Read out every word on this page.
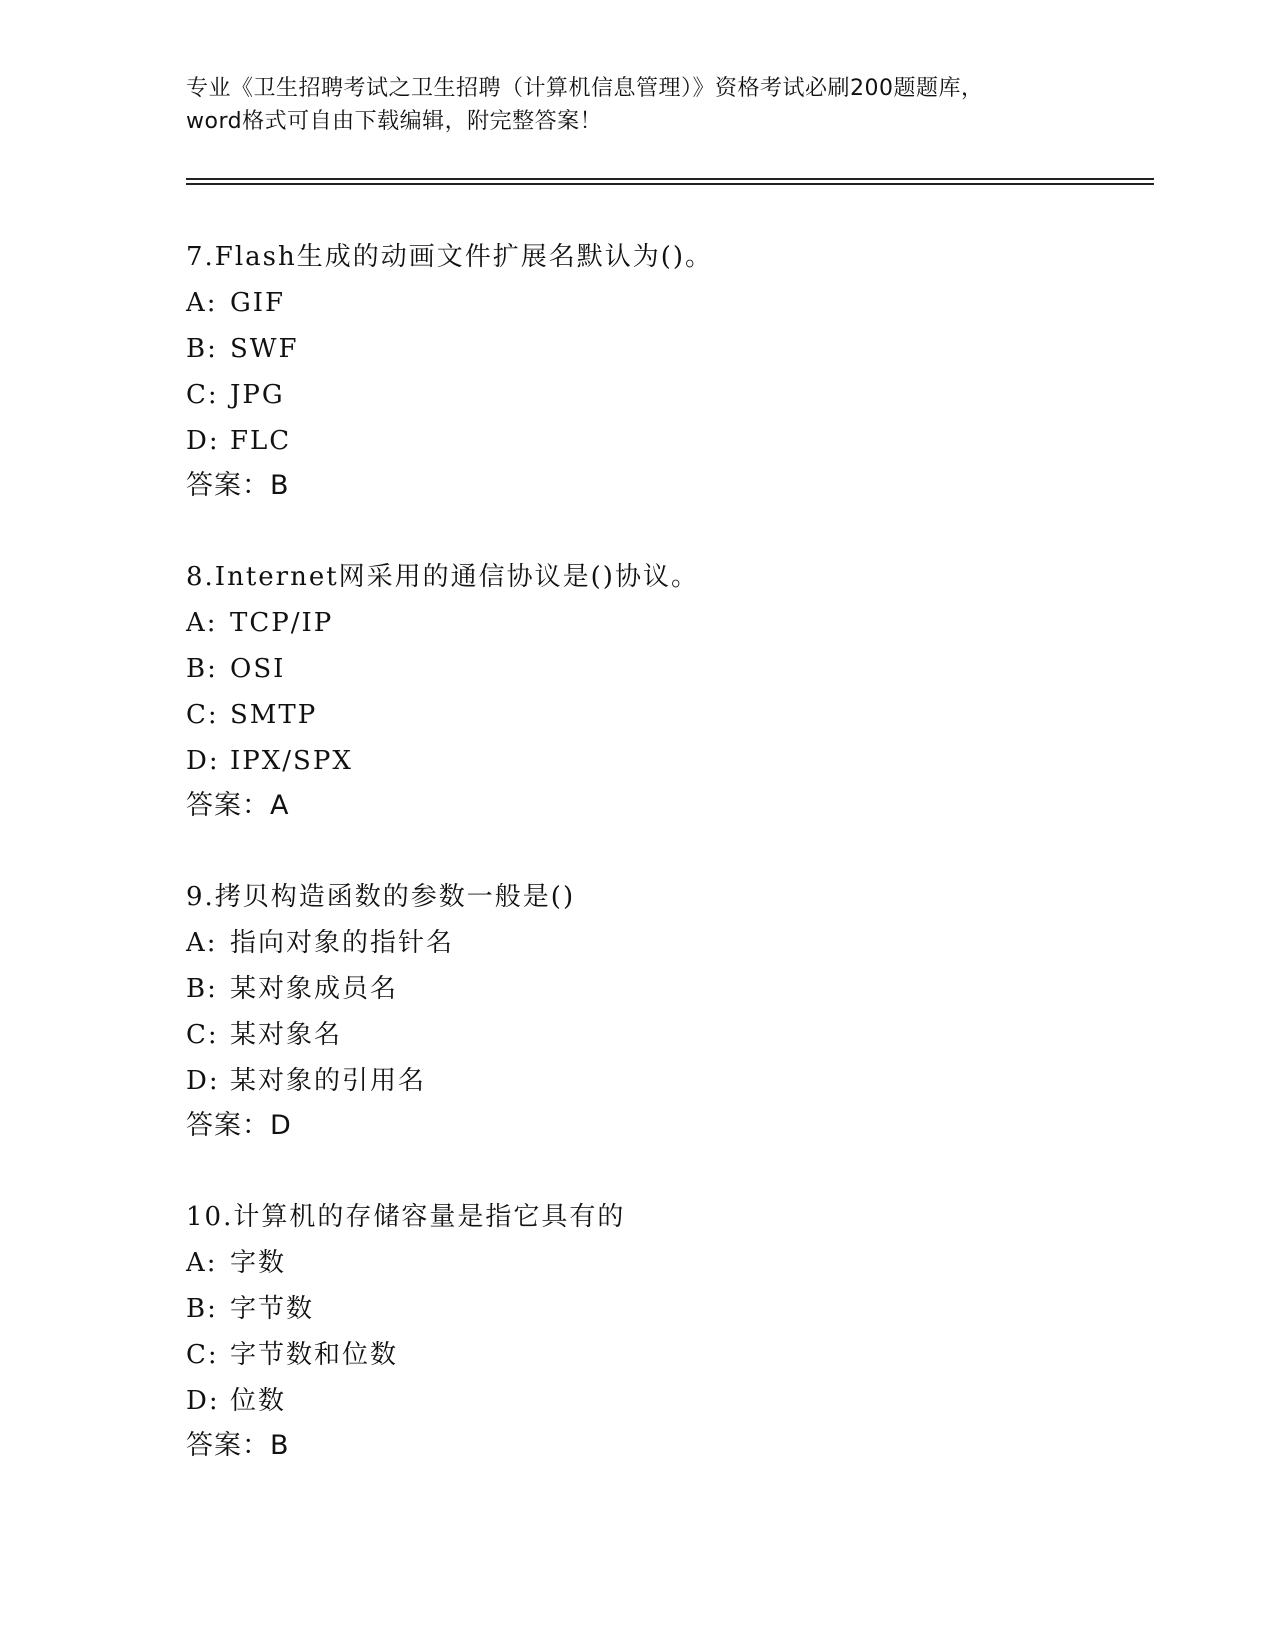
专业《卫生招聘考试之卫生招聘（计算机信息管理）》资格考试必刷200题题库，
word格式可自由下载编辑，附完整答案！
7.Flash生成的动画文件扩展名默认为()。
A: GIF
B: SWF
C: JPG
D: FLC
答案：B
8.Internet网采用的通信协议是()协议。
A: TCP/IP
B: OSI
C: SMTP
D: IPX/SPX
答案：A
9.拷贝构造函数的参数一般是()
A: 指向对象的指针名
B: 某对象成员名
C: 某对象名
D: 某对象的引用名
答案：D
10.计算机的存储容量是指它具有的
A: 字数
B: 字节数
C: 字节数和位数
D: 位数
答案：B
